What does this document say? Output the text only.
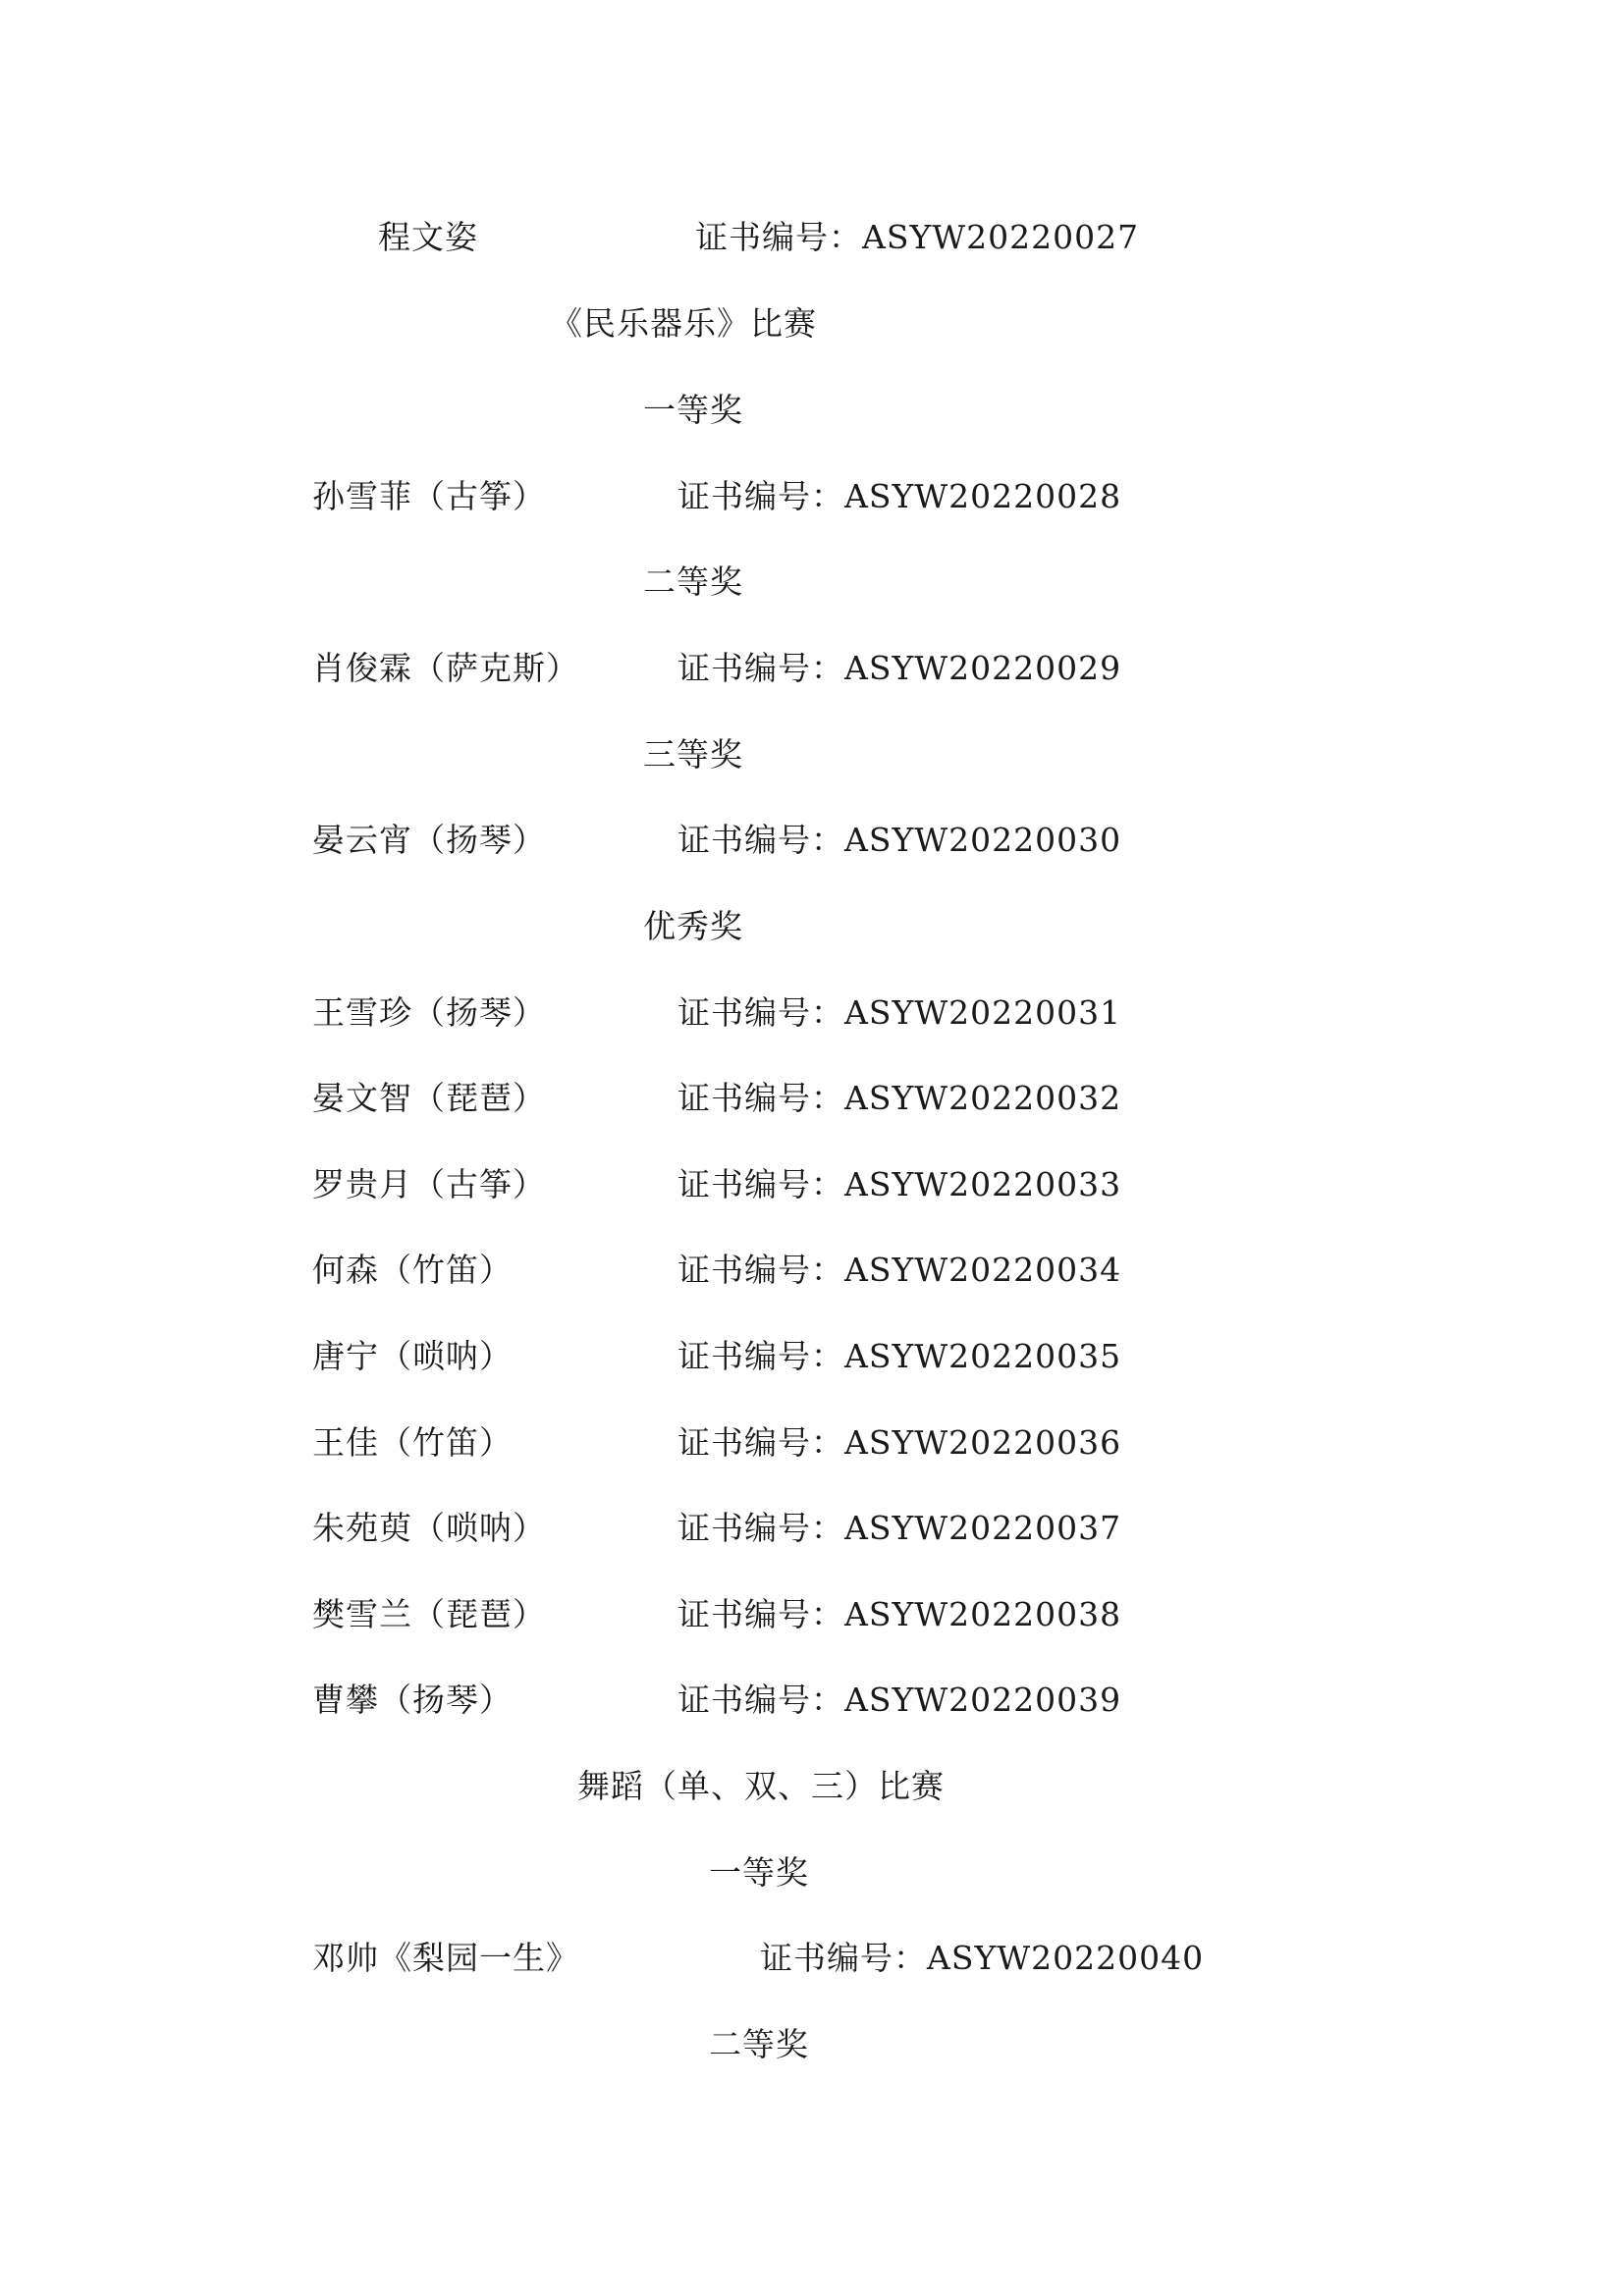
程文姿	证书编号：ASYW20220027
《民乐器乐》比赛
一等奖
孙雪菲（古筝）	证书编号：ASYW20220028
二等奖
肖俊霖（萨克斯）	证书编号：ASYW20220029
三等奖
晏云宵（扬琴）	证书编号：ASYW20220030
优秀奖
王雪珍（扬琴）	证书编号：ASYW20220031
晏文智（琵琶）	证书编号：ASYW20220032
罗贵月（古筝）	证书编号：ASYW20220033
何森（竹笛）	证书编号：ASYW20220034
唐宁（唢呐）	证书编号：ASYW20220035
王佳（竹笛）	证书编号：ASYW20220036
朱苑萸（唢呐）	证书编号：ASYW20220037
樊雪兰（琵琶）	证书编号：ASYW20220038
曹攀（扬琴）	证书编号：ASYW20220039
舞蹈（单、双、三）比赛
一等奖
邓帅《梨园一生》	证书编号：ASYW20220040
二等奖
